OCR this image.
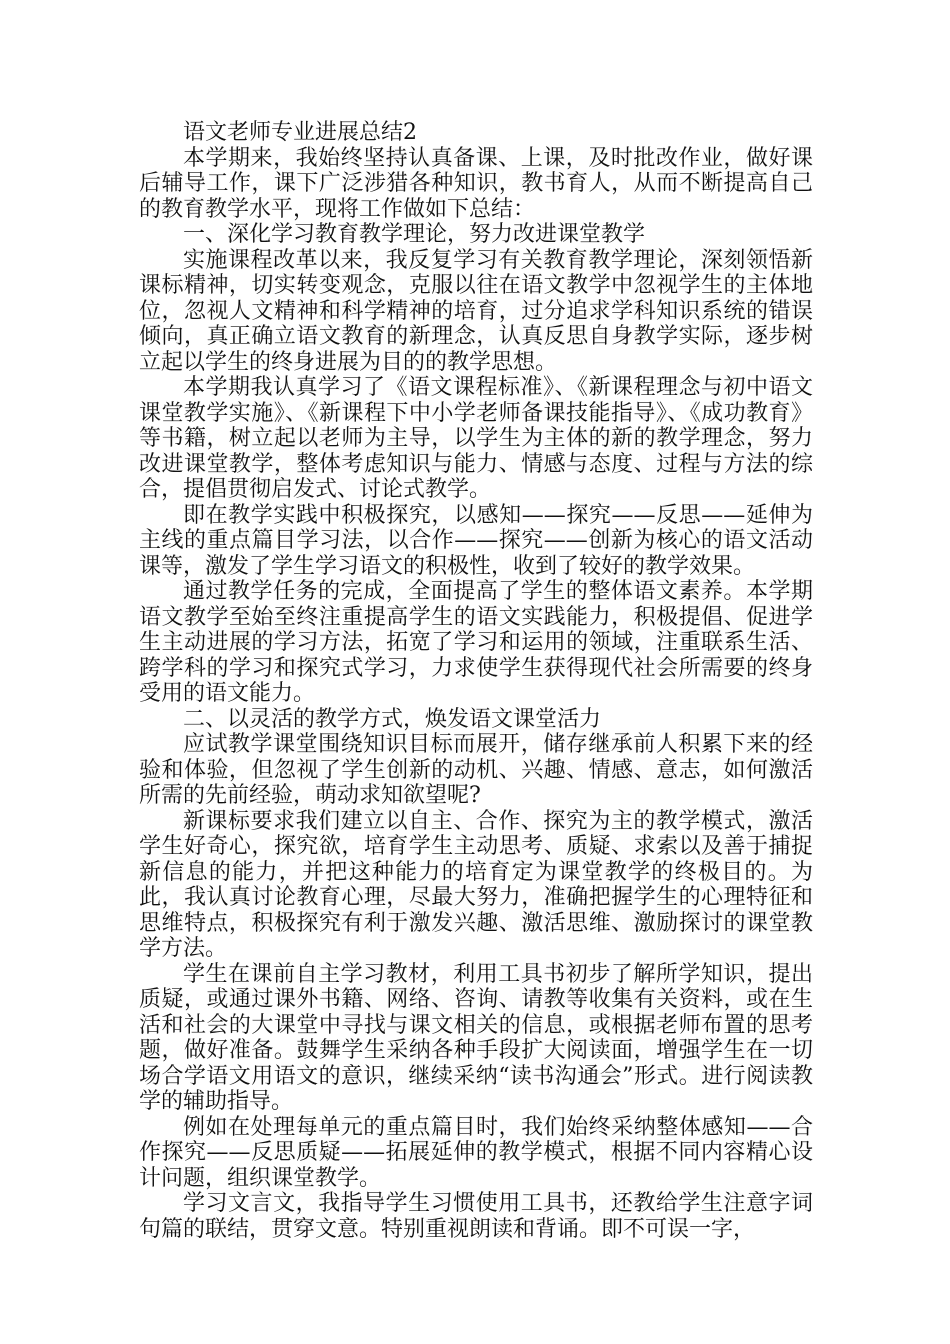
语文老师专业进展总结2

本学期来，我始终坚持认真备课、上课，及时批改作业，做好课后辅导工作，课下广泛涉猎各种知识，教书育人，从而不断提高自己的教育教学水平，现将工作做如下总结：

一、深化学习教育教学理论，努力改进课堂教学

实施课程改革以来，我反复学习有关教育教学理论，深刻领悟新课标精神，切实转变观念，克服以往在语文教学中忽视学生的主体地位，忽视人文精神和科学精神的培育，过分追求学科知识系统的错误倾向，真正确立语文教育的新理念，认真反思自身教学实际，逐步树立起以学生的终身进展为目的的教学思想。

本学期我认真学习了《语文课程标准》、《新课程理念与初中语文课堂教学实施》、《新课程下中小学老师备课技能指导》、《成功教育》等书籍，树立起以老师为主导，以学生为主体的新的教学理念，努力改进课堂教学，整体考虑知识与能力、情感与态度、过程与方法的综合，提倡贯彻启发式、讨论式教学。

即在教学实践中积极探究，以感知——探究——反思——延伸为主线的重点篇目学习法，以合作——探究——创新为核心的语文活动课等，激发了学生学习语文的积极性，收到了较好的教学效果。

通过教学任务的完成，全面提高了学生的整体语文素养。本学期语文教学至始至终注重提高学生的语文实践能力，积极提倡、促进学生主动进展的学习方法，拓宽了学习和运用的领域，注重联系生活、跨学科的学习和探究式学习，力求使学生获得现代社会所需要的终身受用的语文能力。

二、以灵活的教学方式，焕发语文课堂活力

应试教学课堂围绕知识目标而展开，储存继承前人积累下来的经验和体验，但忽视了学生创新的动机、兴趣、情感、意志，如何激活所需的先前经验，萌动求知欲望呢?

新课标要求我们建立以自主、合作、探究为主的教学模式，激活学生好奇心，探究欲，培育学生主动思考、质疑、求索以及善于捕捉新信息的能力，并把这种能力的培育定为课堂教学的终极目的。为此，我认真讨论教育心理，尽最大努力，准确把握学生的心理特征和思维特点，积极探究有利于激发兴趣、激活思维、激励探讨的课堂教学方法。

学生在课前自主学习教材，利用工具书初步了解所学知识，提出质疑，或通过课外书籍、网络、咨询、请教等收集有关资料，或在生活和社会的大课堂中寻找与课文相关的信息，或根据老师布置的思考题，做好准备。鼓舞学生采纳各种手段扩大阅读面，增强学生在一切场合学语文用语文的意识，继续采纳“读书沟通会”形式。进行阅读教学的辅助指导。

例如在处理每单元的重点篇目时，我们始终采纳整体感知——合作探究——反思质疑——拓展延伸的教学模式，根据不同内容精心设计问题，组织课堂教学。

学习文言文，我指导学生习惯使用工具书，还教给学生注意字词句篇的联结，贯穿文意。特别重视朗读和背诵。即不可误一字，
